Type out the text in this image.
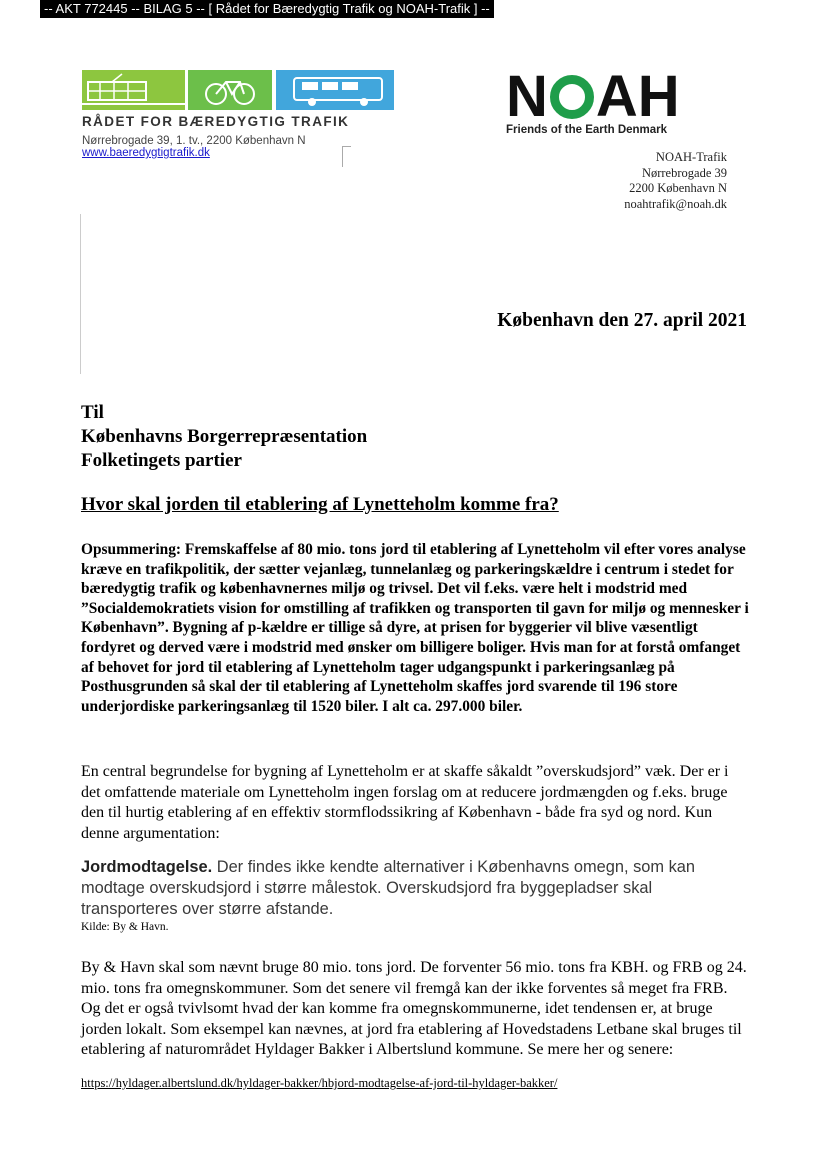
-- AKT 772445 -- BILAG 5 -- [ Rådet for Bæredygtig Trafik og NOAH-Trafik ] --
RÅDET FOR BÆREDYGTIG TRAFIK
Nørrebrogade 39, 1. tv., 2200 København N
www.baeredygtigtrafik.dk
N A H
Friends of the Earth Denmark
NOAH-Trafik
Nørrebrogade 39
2200 København N
noahtrafik@noah.dk
København den 27. april 2021
Til
Københavns Borgerrepræsentation
Folketingets partier
Hvor skal jorden til etablering af Lynetteholm komme fra?
Opsummering: Fremskaffelse af 80 mio. tons jord til etablering af Lynetteholm vil efter vores analyse kræve en trafikpolitik, der sætter vejanlæg, tunnelanlæg og parkeringskældre i centrum i stedet for bæredygtig trafik og københavnernes miljø og trivsel. Det vil f.eks. være helt i modstrid med ”Socialdemokratiets vision for omstilling af trafikken og transporten til gavn for miljø og mennesker i København”. Bygning af p-kældre er tillige så dyre, at prisen for byggerier vil blive væsentligt fordyret og derved være i modstrid med ønsker om billigere boliger. Hvis man for at forstå omfanget af behovet for jord til etablering af Lynetteholm tager udgangspunkt i parkeringsanlæg på Posthusgrunden så skal der til etablering af Lynetteholm skaffes jord svarende til 196 store underjordiske parkeringsanlæg til 1520 biler. I alt ca. 297.000 biler.
En central begrundelse for bygning af Lynetteholm er at skaffe såkaldt ”overskudsjord” væk. Der er i det omfattende materiale om Lynetteholm ingen forslag om at reducere jordmængden og f.eks. bruge den til hurtig etablering af en effektiv stormflodssikring af København - både fra syd og nord. Kun denne argumentation:
Jordmodtagelse. Der findes ikke kendte alternativer i Københavns omegn, som kan modtage overskudsjord i større målestok. Overskudsjord fra byggepladser skal transporteres over større afstande.
Kilde: By & Havn.
By & Havn skal som nævnt bruge 80 mio. tons jord. De forventer 56 mio. tons fra KBH. og FRB og 24. mio. tons fra omegnskommuner. Som det senere vil fremgå kan der ikke forventes så meget fra FRB. Og det er også tvivlsomt hvad der kan komme fra omegnskommunerne, idet tendensen er, at bruge jorden lokalt. Som eksempel kan nævnes, at jord fra etablering af Hovedstadens Letbane skal bruges til etablering af naturområdet Hyldager Bakker i Albertslund kommune. Se mere her og senere:
https://hyldager.albertslund.dk/hyldager-bakker/hbjord-modtagelse-af-jord-til-hyldager-bakker/
